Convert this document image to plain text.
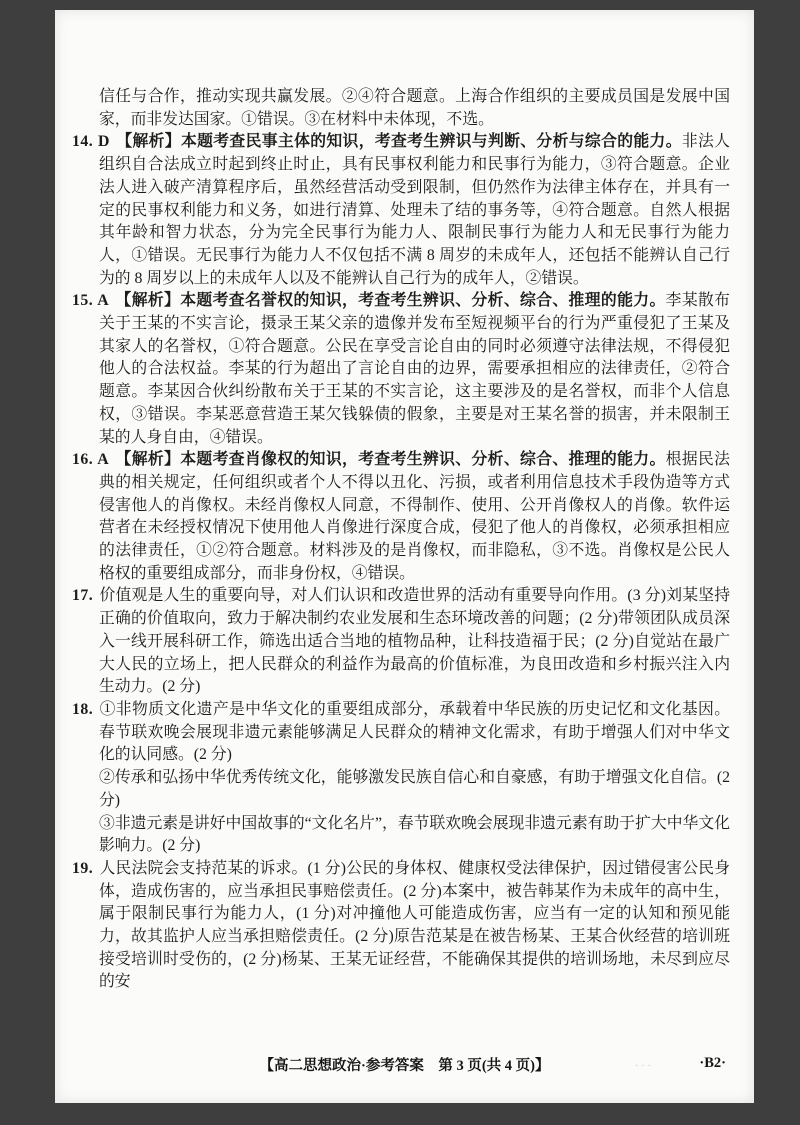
信任与合作，推动实现共赢发展。②④符合题意。上海合作组织的主要成员国是发展中国家，而非发达国家。①错误。③在材料中未体现，不选。

14. D 【解析】本题考查民事主体的知识，考查考生辨识与判断、分析与综合的能力。非法人组织自合法成立时起到终止时止，具有民事权利能力和民事行为能力，③符合题意。企业法人进入破产清算程序后，虽然经营活动受到限制，但仍然作为法律主体存在，并具有一定的民事权利能力和义务，如进行清算、处理未了结的事务等，④符合题意。自然人根据其年龄和智力状态，分为完全民事行为能力人、限制民事行为能力人和无民事行为能力人，①错误。无民事行为能力人不仅包括不满 8 周岁的未成年人，还包括不能辨认自己行为的 8 周岁以上的未成年人以及不能辨认自己行为的成年人，②错误。

15. A 【解析】本题考查名誉权的知识，考查考生辨识、分析、综合、推理的能力。李某散布关于王某的不实言论，摄录王某父亲的遗像并发布至短视频平台的行为严重侵犯了王某及其家人的名誉权，①符合题意。公民在享受言论自由的同时必须遵守法律法规，不得侵犯他人的合法权益。李某的行为超出了言论自由的边界，需要承担相应的法律责任，②符合题意。李某因合伙纠纷散布关于王某的不实言论，这主要涉及的是名誉权，而非个人信息权，③错误。李某恶意营造王某欠钱躲债的假象，主要是对王某名誉的损害，并未限制王某的人身自由，④错误。

16. A 【解析】本题考查肖像权的知识，考查考生辨识、分析、综合、推理的能力。根据民法典的相关规定，任何组织或者个人不得以丑化、污损，或者利用信息技术手段伪造等方式侵害他人的肖像权。未经肖像权人同意，不得制作、使用、公开肖像权人的肖像。软件运营者在未经授权情况下使用他人肖像进行深度合成，侵犯了他人的肖像权，必须承担相应的法律责任，①②符合题意。材料涉及的是肖像权，而非隐私，③不选。肖像权是公民人格权的重要组成部分，而非身份权，④错误。

17. 价值观是人生的重要向导，对人们认识和改造世界的活动有重要导向作用。(3 分)刘某坚持正确的价值取向，致力于解决制约农业发展和生态环境改善的问题；(2 分)带领团队成员深入一线开展科研工作，筛选出适合当地的植物品种，让科技造福于民；(2 分)自觉站在最广大人民的立场上，把人民群众的利益作为最高的价值标准，为良田改造和乡村振兴注入内生动力。(2 分)

18. ①非物质文化遗产是中华文化的重要组成部分，承载着中华民族的历史记忆和文化基因。春节联欢晚会展现非遗元素能够满足人民群众的精神文化需求，有助于增强人们对中华文化的认同感。(2 分)

②传承和弘扬中华优秀传统文化，能够激发民族自信心和自豪感，有助于增强文化自信。(2 分)

③非遗元素是讲好中国故事的“文化名片”，春节联欢晚会展现非遗元素有助于扩大中华文化影响力。(2 分)

19. 人民法院会支持范某的诉求。(1 分)公民的身体权、健康权受法律保护，因过错侵害公民身体，造成伤害的，应当承担民事赔偿责任。(2 分)本案中，被告韩某作为未成年的高中生，属于限制民事行为能力人，(1 分)对冲撞他人可能造成伤害，应当有一定的认知和预见能力，故其监护人应当承担赔偿责任。(2 分)原告范某是在被告杨某、王某合伙经营的培训班接受培训时受伤的，(2 分)杨某、王某无证经营，不能确保其提供的培训场地，未尽到应尽的安

···
【高二思想政治·参考答案　第 3 页(共 4 页)】	·B2·
